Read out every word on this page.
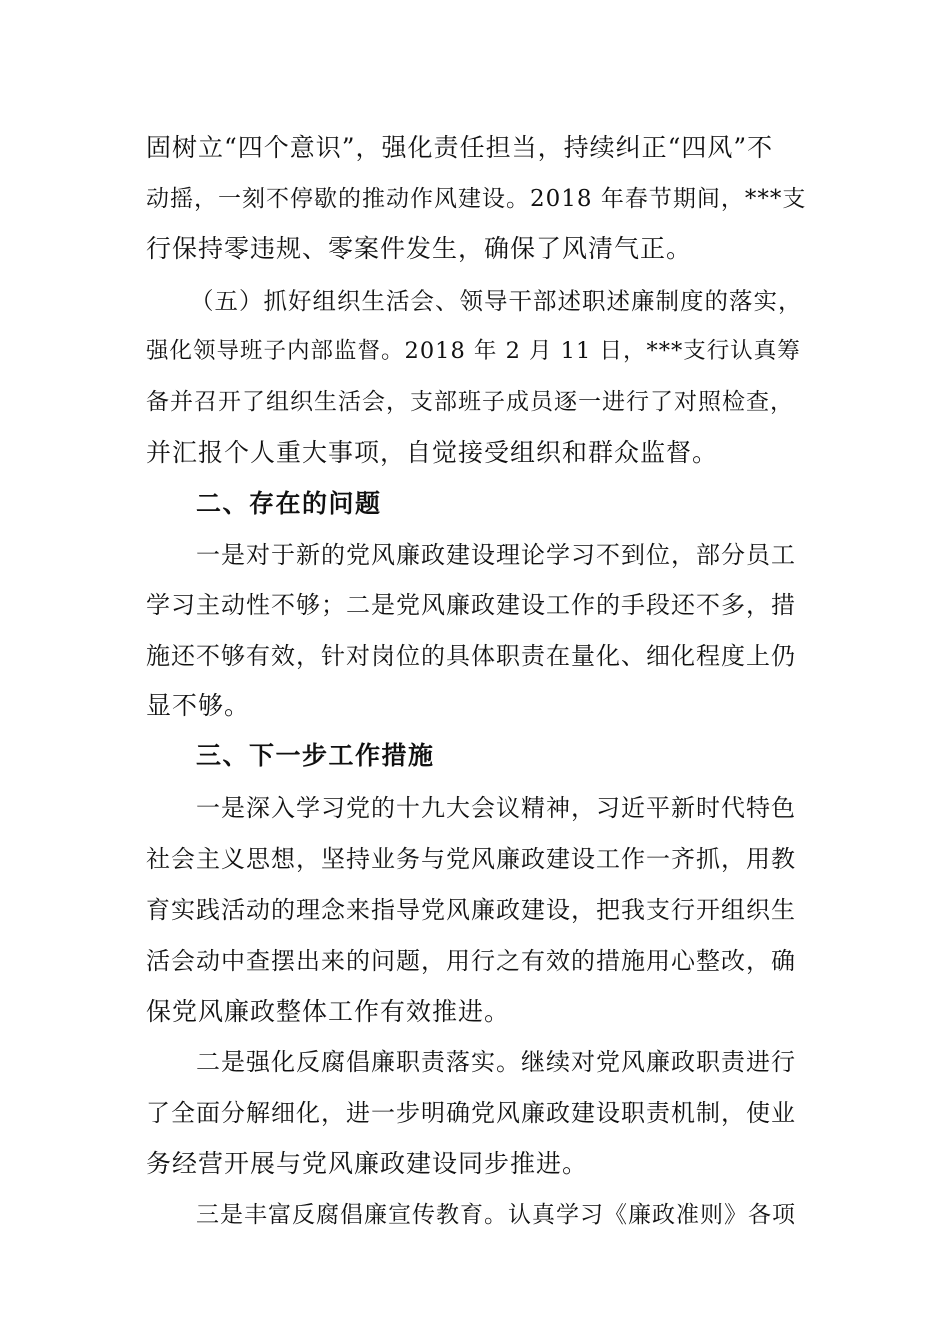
固树立“四个意识”，强化责任担当，持续纠正“四风”不
动摇，一刻不停歇的推动作风建设。2018 年春节期间，***支
行保持零违规、零案件发生，确保了风清气正。
（五）抓好组织生活会、领导干部述职述廉制度的落实，
强化领导班子内部监督。2018 年 2 月 11 日，***支行认真筹
备并召开了组织生活会，支部班子成员逐一进行了对照检查，
并汇报个人重大事项，自觉接受组织和群众监督。
二、存在的问题
一是对于新的党风廉政建设理论学习不到位，部分员工
学习主动性不够；二是党风廉政建设工作的手段还不多，措
施还不够有效，针对岗位的具体职责在量化、细化程度上仍
显不够。
三、下一步工作措施
一是深入学习党的十九大会议精神，习近平新时代特色
社会主义思想，坚持业务与党风廉政建设工作一齐抓，用教
育实践活动的理念来指导党风廉政建设，把我支行开组织生
活会动中查摆出来的问题，用行之有效的措施用心整改，确
保党风廉政整体工作有效推进。
二是强化反腐倡廉职责落实。继续对党风廉政职责进行
了全面分解细化，进一步明确党风廉政建设职责机制，使业
务经营开展与党风廉政建设同步推进。
三是丰富反腐倡廉宣传教育。认真学习《廉政准则》各项
